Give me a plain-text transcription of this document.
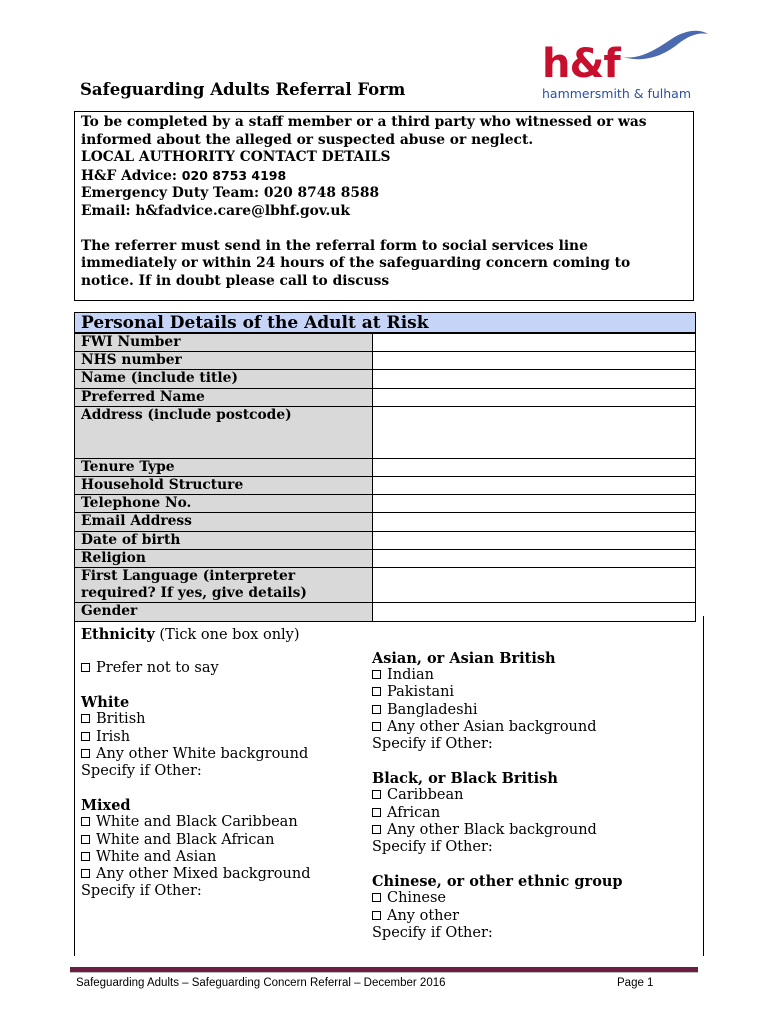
h&f
hammersmith & fulham
Safeguarding Adults Referral Form

To be completed by a staff member or a third party who witnessed or was informed about the alleged or suspected abuse or neglect.

LOCAL AUTHORITY CONTACT DETAILS

H&F Advice: 020 8753 4198

Emergency Duty Team: 020 8748 8588

Email: h&fadvice.care@lbhf.gov.uk

The referrer must send in the referral form to social services line immediately or within 24 hours of the safeguarding concern coming to notice. If in doubt please call to discuss

Personal Details of the Adult at Risk
FWI Number	
NHS number	
Name (include title)	
Preferred Name	
Address (include postcode)	
Tenure Type	
Household Structure	
Telephone No.	
Email Address	
Date of birth	
Religion	
First Language (interpreter required? If yes, give details)	
Gender	
Ethnicity (Tick one box only)
Prefer not to say
White
British
Irish
Any other White background
Specify if Other:
Mixed
White and Black Caribbean
White and Black African
White and Asian
Any other Mixed background
Specify if Other:
Asian, or Asian British
Indian
Pakistani
Bangladeshi
Any other Asian background
Specify if Other:
Black, or Black British
Caribbean
African
Any other Black background
Specify if Other:
Chinese, or other ethnic group
Chinese
Any other
Specify if Other:
Safeguarding Adults – Safeguarding Concern Referral – December 2016	Page 1
